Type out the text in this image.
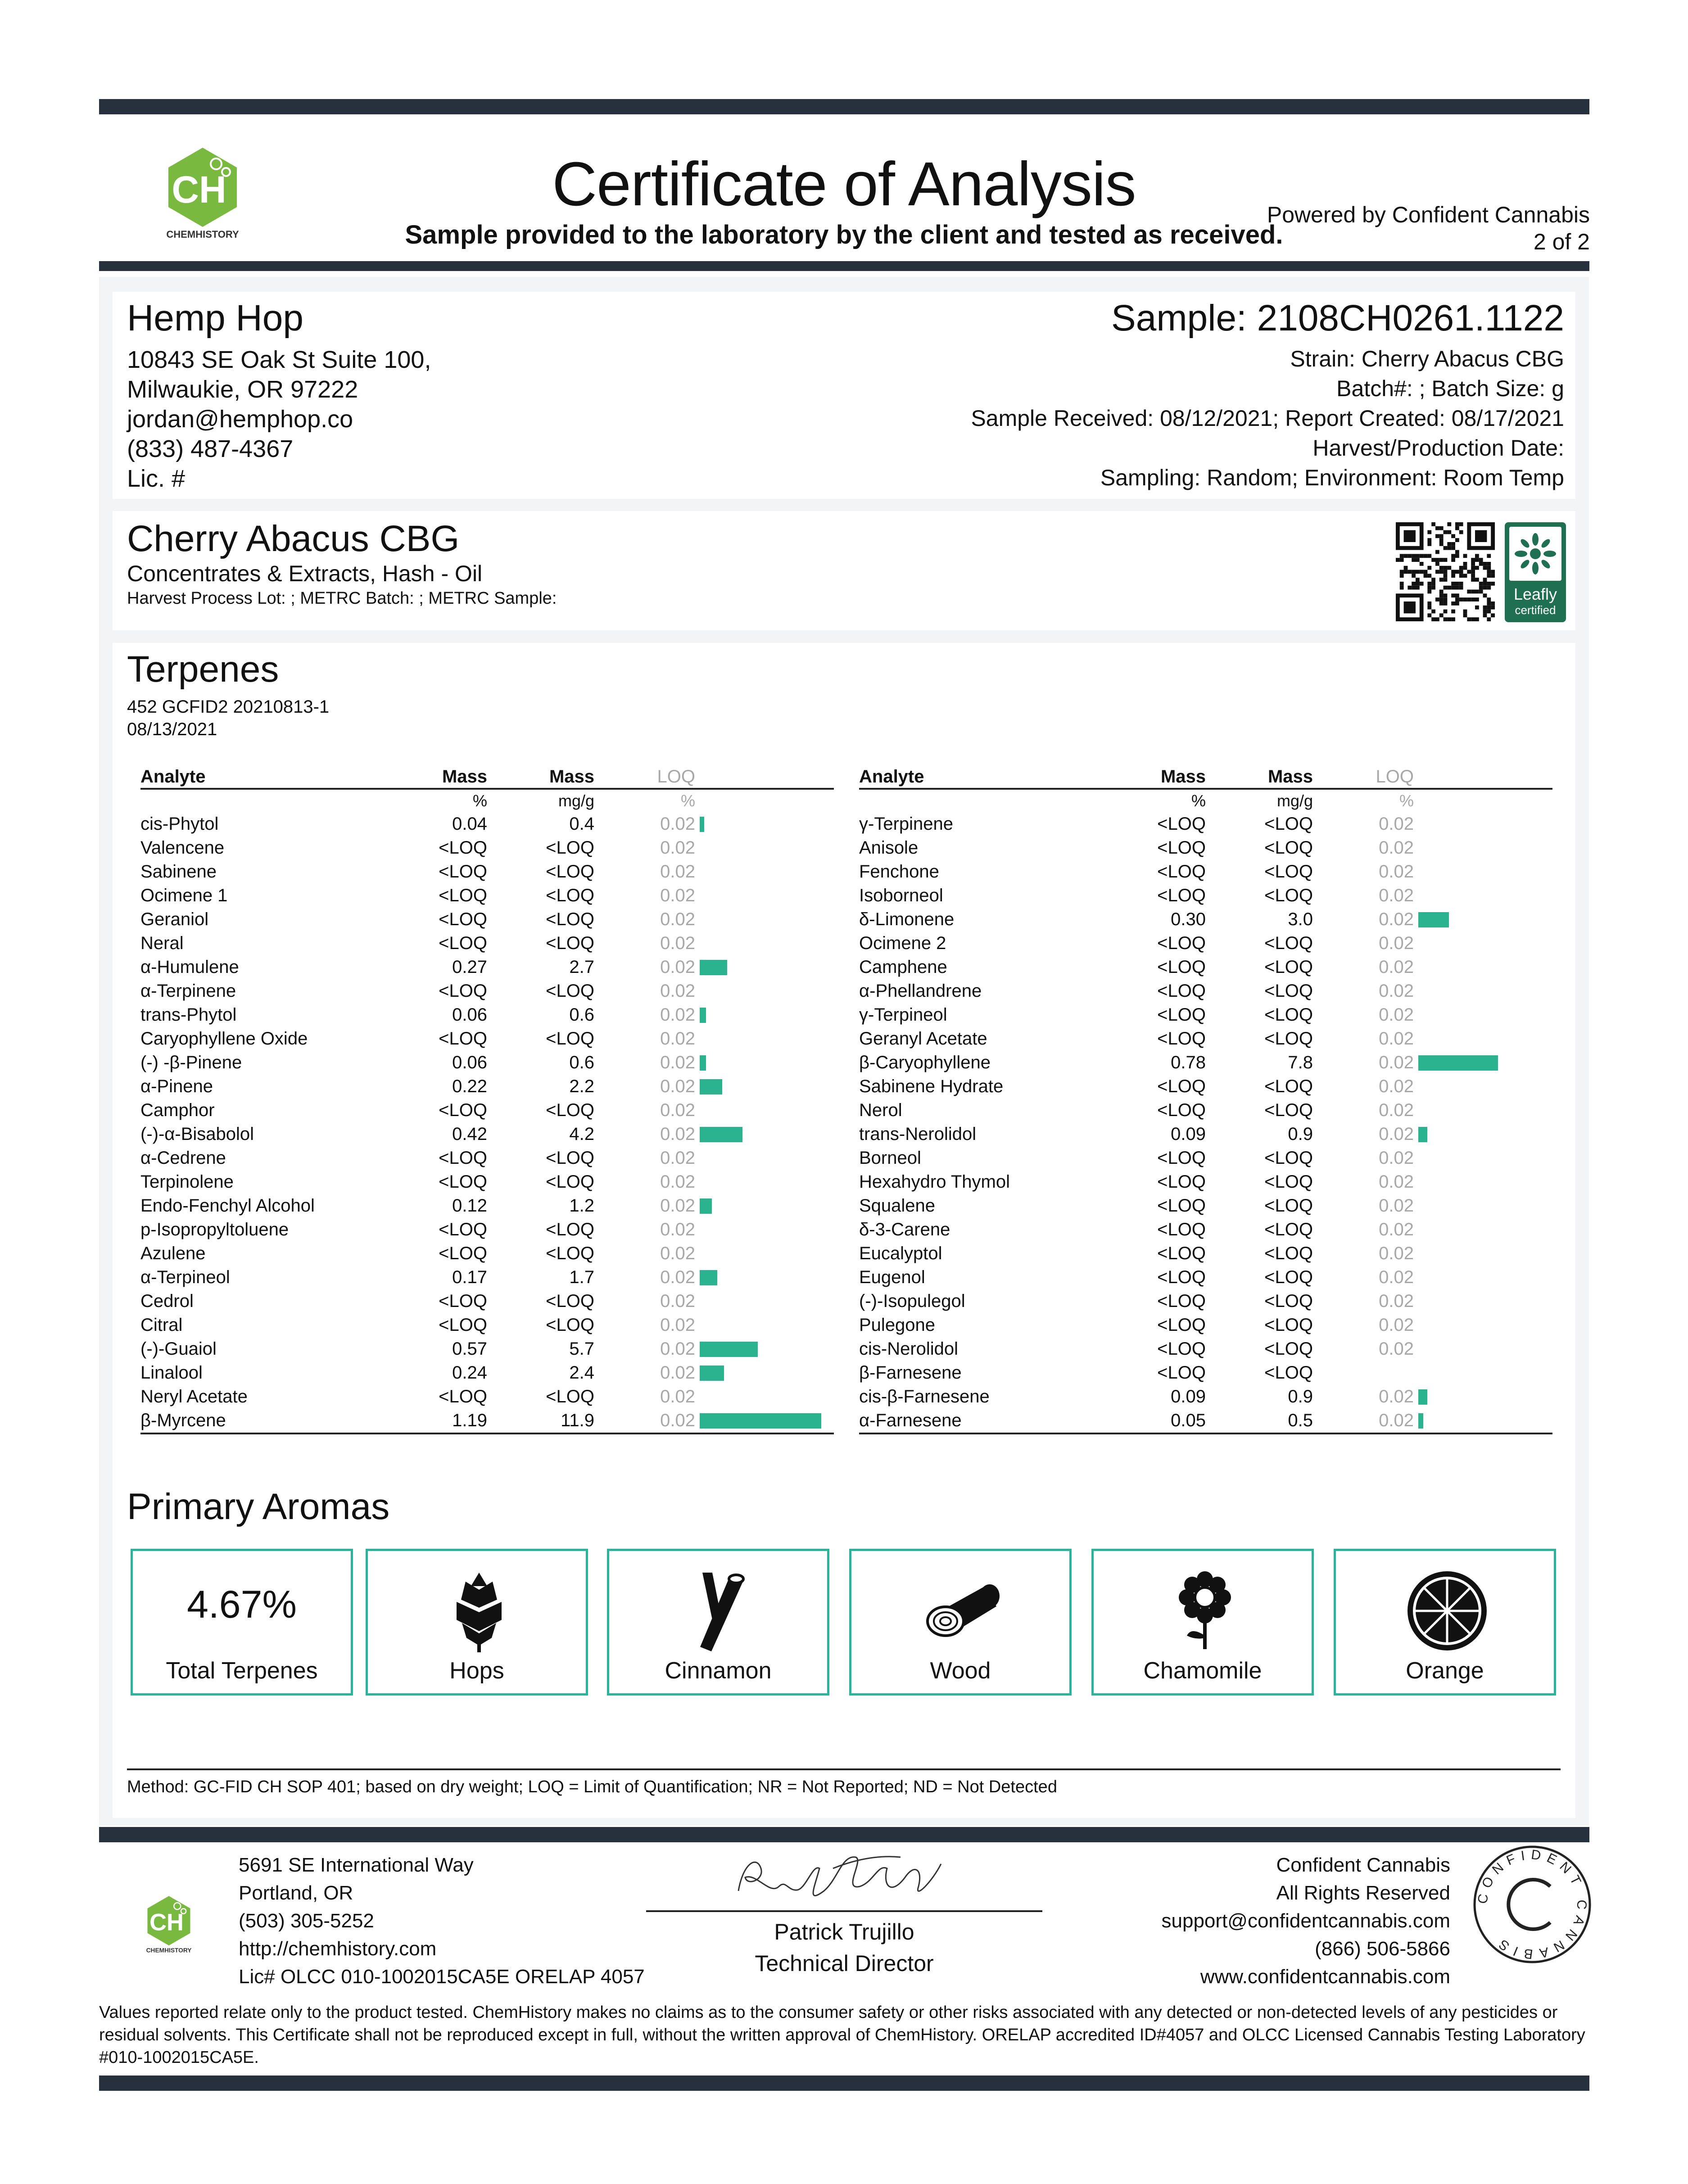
CH
CHEMHISTORY
Certificate of Analysis
Sample provided to the laboratory by the client and tested as received.
Powered by Confident Cannabis
2 of 2
Hemp Hop
10843 SE Oak St Suite 100,
Milwaukie, OR 97222
jordan@hemphop.co
(833) 487-4367
Lic. #
Sample: 2108CH0261.1122
Strain: Cherry Abacus CBG
Batch#: ; Batch Size: g
Sample Received: 08/12/2021; Report Created: 08/17/2021
Harvest/Production Date:
Sampling: Random; Environment: Room Temp
Cherry Abacus CBG
Concentrates & Extracts, Hash - Oil
Harvest Process Lot: ; METRC Batch: ; METRC Sample:	Leafly
certified
Terpenes
452 GCFID2 20210813-1
08/13/2021
Analyte	Mass	Mass	LOQ	
	%	mg/g	%	
cis-Phytol	0.04	0.4	0.02	

Valencene	<LOQ	<LOQ	0.02	
Sabinene	<LOQ	<LOQ	0.02	
Ocimene 1	<LOQ	<LOQ	0.02	
Geraniol	<LOQ	<LOQ	0.02	
Neral	<LOQ	<LOQ	0.02	
α-Humulene	0.27	2.7	0.02	

α-Terpinene	<LOQ	<LOQ	0.02	
trans-Phytol	0.06	0.6	0.02	

Caryophyllene Oxide	<LOQ	<LOQ	0.02	
(-) -β-Pinene	0.06	0.6	0.02	

α-Pinene	0.22	2.2	0.02	

Camphor	<LOQ	<LOQ	0.02	
(-)-α-Bisabolol	0.42	4.2	0.02	

α-Cedrene	<LOQ	<LOQ	0.02	
Terpinolene	<LOQ	<LOQ	0.02	
Endo-Fenchyl Alcohol	0.12	1.2	0.02	

p-Isopropyltoluene	<LOQ	<LOQ	0.02	
Azulene	<LOQ	<LOQ	0.02	
α-Terpineol	0.17	1.7	0.02	

Cedrol	<LOQ	<LOQ	0.02	
Citral	<LOQ	<LOQ	0.02	
(-)-Guaiol	0.57	5.7	0.02	

Linalool	0.24	2.4	0.02	

Neryl Acetate	<LOQ	<LOQ	0.02	
β-Myrcene	1.19	11.9	0.02	
Analyte	Mass	Mass	LOQ	
	%	mg/g	%	
γ-Terpinene	<LOQ	<LOQ	0.02	
Anisole	<LOQ	<LOQ	0.02	
Fenchone	<LOQ	<LOQ	0.02	
Isoborneol	<LOQ	<LOQ	0.02	
δ-Limonene	0.30	3.0	0.02	

Ocimene 2	<LOQ	<LOQ	0.02	
Camphene	<LOQ	<LOQ	0.02	
α-Phellandrene	<LOQ	<LOQ	0.02	
γ-Terpineol	<LOQ	<LOQ	0.02	
Geranyl Acetate	<LOQ	<LOQ	0.02	
β-Caryophyllene	0.78	7.8	0.02	

Sabinene Hydrate	<LOQ	<LOQ	0.02	
Nerol	<LOQ	<LOQ	0.02	
trans-Nerolidol	0.09	0.9	0.02	

Borneol	<LOQ	<LOQ	0.02	
Hexahydro Thymol	<LOQ	<LOQ	0.02	
Squalene	<LOQ	<LOQ	0.02	
δ-3-Carene	<LOQ	<LOQ	0.02	
Eucalyptol	<LOQ	<LOQ	0.02	
Eugenol	<LOQ	<LOQ	0.02	
(-)-Isopulegol	<LOQ	<LOQ	0.02	
Pulegone	<LOQ	<LOQ	0.02	
cis-Nerolidol	<LOQ	<LOQ	0.02	
β-Farnesene	<LOQ	<LOQ		
cis-β-Farnesene	0.09	0.9	0.02	

α-Farnesene	0.05	0.5	0.02	
Primary Aromas
4.67%
Total Terpenes	Hops	Cinnamon	Wood	Chamomile	Orange
Method: GC-FID CH SOP 401; based on dry weight; LOQ = Limit of Quantification; NR = Not Reported; ND = Not Detected
CH
CHEMHISTORY
5691 SE International Way
Portland, OR
(503) 305-5252
http://chemhistory.com
Lic# OLCC 010-1002015CA5E ORELAP 4057
Patrick Trujillo
Technical Director
Confident Cannabis
All Rights Reserved
support@confidentcannabis.com
(866) 506-5866
www.confidentcannabis.com
CONFIDENT CANNABIS
Values reported relate only to the product tested. ChemHistory makes no claims as to the consumer safety or other risks associated with any detected or non-detected levels of any pesticides or residual solvents. This Certificate shall not be reproduced except in full, without the written approval of ChemHistory. ORELAP accredited ID#4057 and OLCC Licensed Cannabis Testing Laboratory #010-1002015CA5E.
